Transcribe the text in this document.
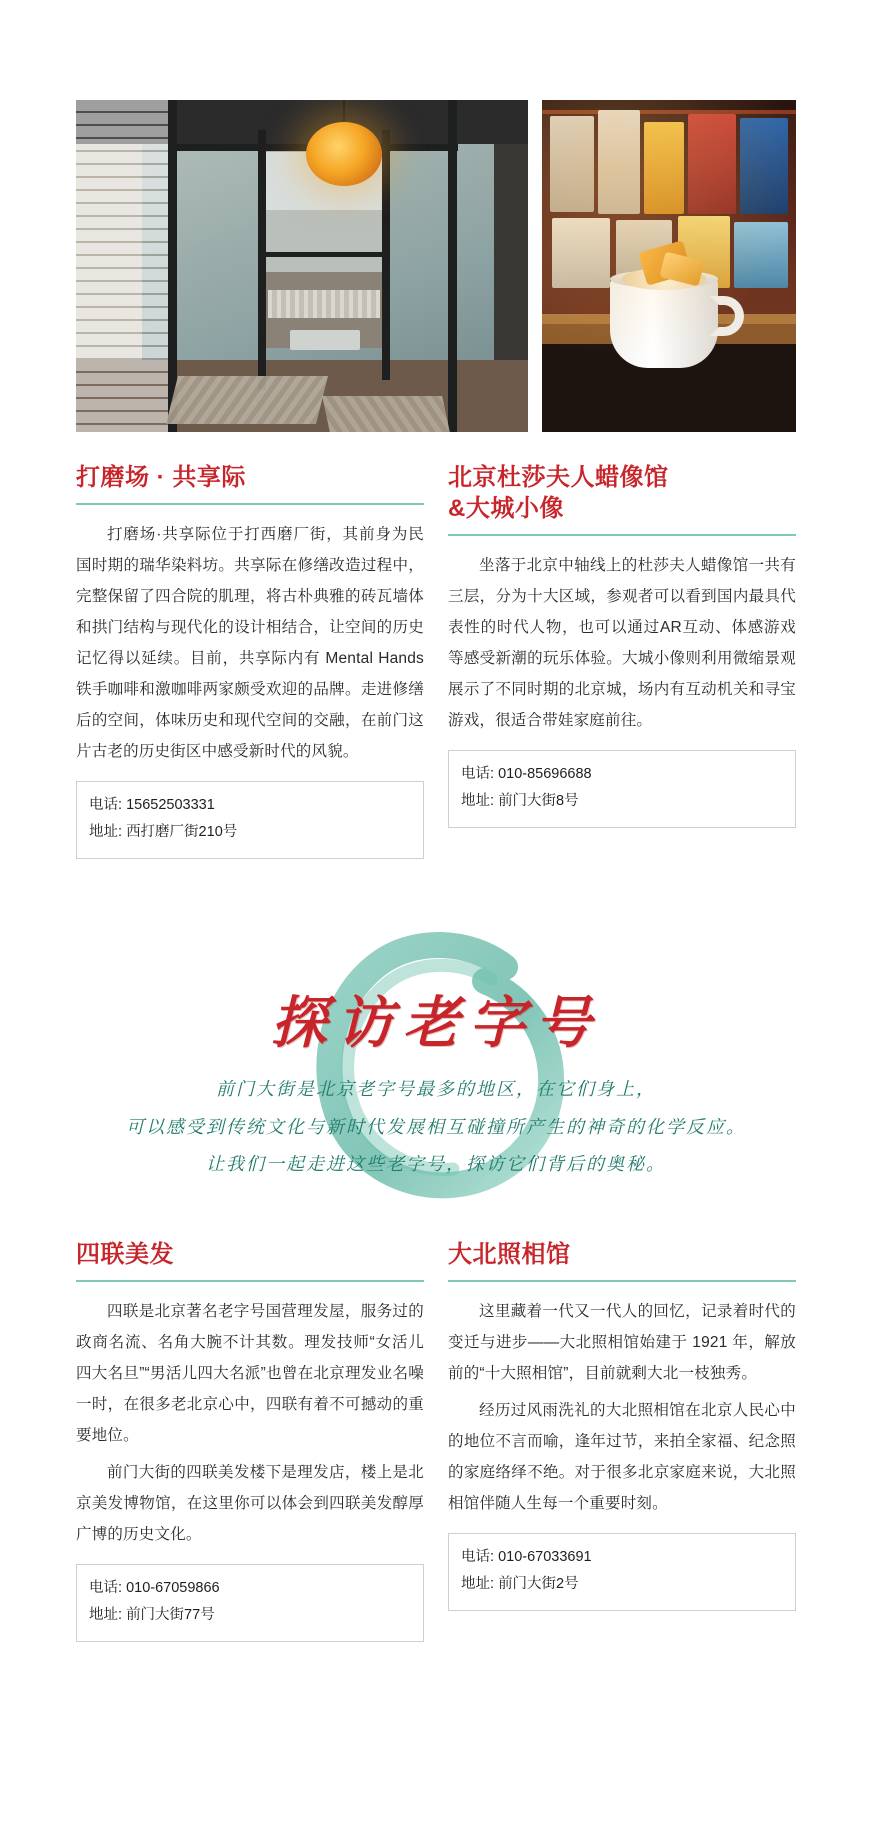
打磨场 · 共享际

打磨场·共享际位于打西磨厂街，其前身为民国时期的瑞华染料坊。共享际在修缮改造过程中，完整保留了四合院的肌理，将古朴典雅的砖瓦墙体和拱门结构与现代化的设计相结合，让空间的历史记忆得以延续。目前，共享际内有 Mental Hands 铁手咖啡和激咖啡两家颇受欢迎的品牌。走进修缮后的空间，体味历史和现代空间的交融，在前门这片古老的历史街区中感受新时代的风貌。

电话: 15652503331
地址: 西打磨厂街210号
北京杜莎夫人蜡像馆
&大城小像

坐落于北京中轴线上的杜莎夫人蜡像馆一共有三层，分为十大区域，参观者可以看到国内最具代表性的时代人物，也可以通过AR互动、体感游戏等感受新潮的玩乐体验。大城小像则利用微缩景观展示了不同时期的北京城，场内有互动机关和寻宝游戏，很适合带娃家庭前往。

电话: 010-85696688
地址: 前门大街8号
探访老字号
前门大街是北京老字号最多的地区，在它们身上，
可以感受到传统文化与新时代发展相互碰撞所产生的神奇的化学反应。
让我们一起走进这些老字号，探访它们背后的奥秘。
四联美发

四联是北京著名老字号国营理发屋，服务过的政商名流、名角大腕不计其数。理发技师“女活儿四大名旦”“男活儿四大名派”也曾在北京理发业名噪一时，在很多老北京心中，四联有着不可撼动的重要地位。

前门大街的四联美发楼下是理发店，楼上是北京美发博物馆，在这里你可以体会到四联美发醇厚广博的历史文化。

电话: 010-67059866
地址: 前门大街77号
大北照相馆

这里藏着一代又一代人的回忆，记录着时代的变迁与进步——大北照相馆始建于 1921 年，解放前的“十大照相馆”，目前就剩大北一枝独秀。

经历过风雨洗礼的大北照相馆在北京人民心中的地位不言而喻，逢年过节，来拍全家福、纪念照的家庭络绎不绝。对于很多北京家庭来说，大北照相馆伴随人生每一个重要时刻。

电话: 010-67033691
地址: 前门大街2号
